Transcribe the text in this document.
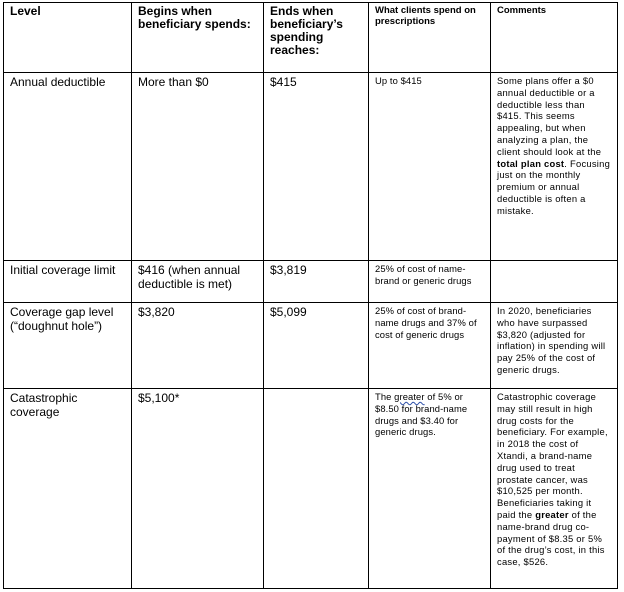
Level	Begins when beneficiary spends:	Ends when beneficiary’s spending reaches:	What clients spend on prescriptions	Comments
Annual deductible	More than $0	$415	Up to $415	Some plans offer a $0 annual deductible or a deductible less than $415. This seems appealing, but when analyzing a plan, the client should look at the total plan cost. Focusing just on the monthly premium or annual deductible is often a mistake.
Initial coverage limit	$416 (when annual deductible is met)	$3,819	25% of cost of name-brand or generic drugs	
Coverage gap level (“doughnut hole”)	$3,820	$5,099	25% of cost of brand-name drugs and 37% of cost of generic drugs	In 2020, beneficiaries who have surpassed $3,820 (adjusted for inflation) in spending will pay 25% of the cost of generic drugs.
Catastrophic coverage	$5,100*		The greater of 5% or $8.50 for brand-name drugs and $3.40 for generic drugs.	Catastrophic coverage may still result in high drug costs for the beneficiary. For example, in 2018 the cost of Xtandi, a brand-name drug used to treat prostate cancer, was $10,525 per month. Beneficiaries taking it paid the greater of the name-brand drug co-payment of $8.35 or 5% of the drug’s cost, in this case, $526.
